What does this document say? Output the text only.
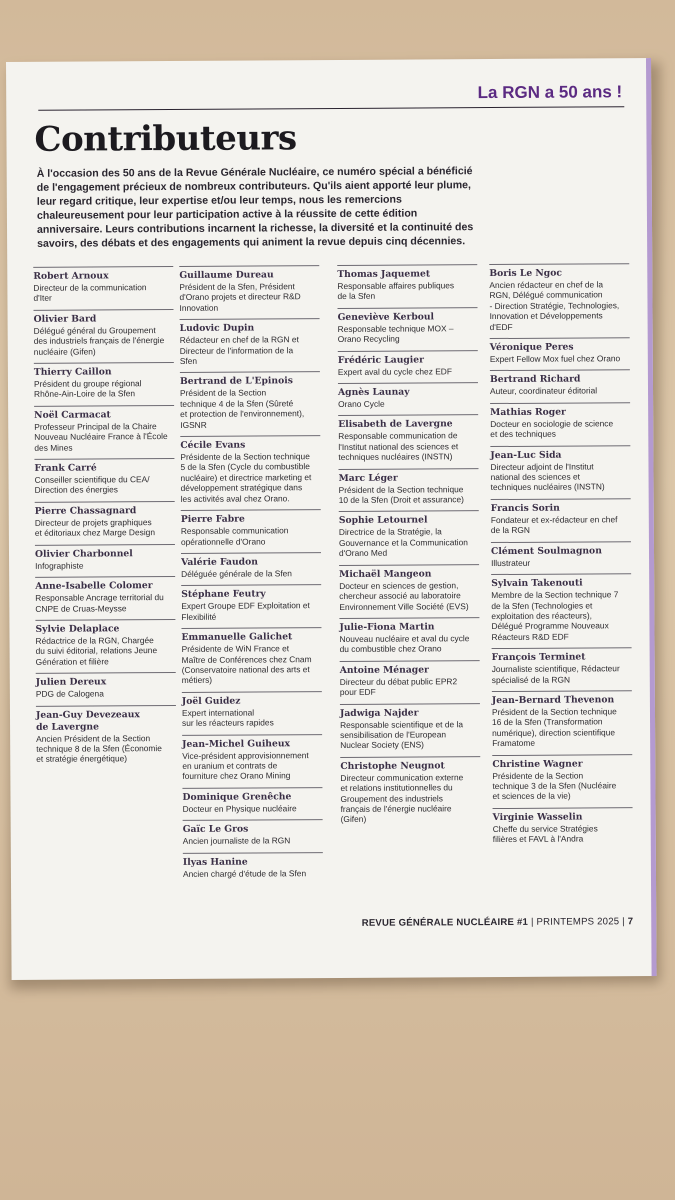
La RGN a 50 ans !
Contributeurs
À l'occasion des 50 ans de la Revue Générale Nucléaire, ce numéro spécial a bénéficié de l'engagement précieux de nombreux contributeurs. Qu'ils aient apporté leur plume, leur regard critique, leur expertise et/ou leur temps, nous les remercions chaleureusement pour leur participation active à la réussite de cette édition anniversaire. Leurs contributions incarnent la richesse, la diversité et la continuité des savoirs, des débats et des engagements qui animent la revue depuis cinq décennies.
Robert Arnoux
Directeur de la communication
d'Iter
Olivier Bard
Délégué général du Groupement
des industriels français de l'énergie
nucléaire (Gifen)
Thierry Caillon
Président du groupe régional
Rhône-Ain-Loire de la Sfen
Noël Carmacat
Professeur Principal de la Chaire
Nouveau Nucléaire France à l'École
des Mines
Frank Carré
Conseiller scientifique du CEA/
Direction des énergies
Pierre Chassagnard
Directeur de projets graphiques
et éditoriaux chez Marge Design
Olivier Charbonnel
Infographiste
Anne-Isabelle Colomer
Responsable Ancrage territorial du
CNPE de Cruas-Meysse
Sylvie Delaplace
Rédactrice de la RGN, Chargée
du suivi éditorial, relations Jeune
Génération et filière
Julien Dereux
PDG de Calogena
Jean-Guy Devezeaux
de Lavergne
Ancien Président de la Section
technique 8 de la Sfen (Économie
et stratégie énergétique)
Guillaume Dureau
Président de la Sfen, Président
d'Orano projets et directeur R&D
Innovation
Ludovic Dupin
Rédacteur en chef de la RGN et
Directeur de l'information de la
Sfen
Bertrand de L'Epinois
Président de la Section
technique 4 de la Sfen (Sûreté
et protection de l'environnement),
IGSNR
Cécile Evans
Présidente de la Section technique
5 de la Sfen (Cycle du combustible
nucléaire) et directrice marketing et
développement stratégique dans
les activités aval chez Orano.
Pierre Fabre
Responsable communication
opérationnelle d'Orano
Valérie Faudon
Déléguée générale de la Sfen
Stéphane Feutry
Expert Groupe EDF Exploitation et
Flexibilité
Emmanuelle Galichet
Présidente de WiN France et
Maître de Conférences chez Cnam
(Conservatoire national des arts et
métiers)
Joël Guidez
Expert international
sur les réacteurs rapides
Jean-Michel Guiheux
Vice-président approvisionnement
en uranium et contrats de
fourniture chez Orano Mining
Dominique Grenêche
Docteur en Physique nucléaire
Gaïc Le Gros
Ancien journaliste de la RGN
Ilyas Hanine
Ancien chargé d'étude de la Sfen
Thomas Jaquemet
Responsable affaires publiques
de la Sfen
Geneviève Kerboul
Responsable technique MOX –
Orano Recycling
Frédéric Laugier
Expert aval du cycle chez EDF
Agnès Launay
Orano Cycle
Elisabeth de Lavergne
Responsable communication de
l'Institut national des sciences et
techniques nucléaires (INSTN)
Marc Léger
Président de la Section technique
10 de la Sfen (Droit et assurance)
Sophie Letournel
Directrice de la Stratégie, la
Gouvernance et la Communication
d'Orano Med
Michaël Mangeon
Docteur en sciences de gestion,
chercheur associé au laboratoire
Environnement Ville Société (EVS)
Julie-Fiona Martin
Nouveau nucléaire et aval du cycle
du combustible chez Orano
Antoine Ménager
Directeur du débat public EPR2
pour EDF
Jadwiga Najder
Responsable scientifique et de la
sensibilisation de l'European
Nuclear Society (ENS)
Christophe Neugnot
Directeur communication externe
et relations institutionnelles du
Groupement des industriels
français de l'énergie nucléaire
(Gifen)
Boris Le Ngoc
Ancien rédacteur en chef de la
RGN, Délégué communication
- Direction Stratégie, Technologies,
Innovation et Développements
d'EDF
Véronique Peres
Expert Fellow Mox fuel chez Orano
Bertrand Richard
Auteur, coordinateur éditorial
Mathias Roger
Docteur en sociologie de science
et des techniques
Jean-Luc Sida
Directeur adjoint de l'Institut
national des sciences et
techniques nucléaires (INSTN)
Francis Sorin
Fondateur et ex-rédacteur en chef
de la RGN
Clément Soulmagnon
Illustrateur
Sylvain Takenouti
Membre de la Section technique 7
de la Sfen (Technologies et
exploitation des réacteurs),
Délégué Programme Nouveaux
Réacteurs R&D EDF
François Terminet
Journaliste scientifique, Rédacteur
spécialisé de la RGN
Jean-Bernard Thevenon
Président de la Section technique
16 de la Sfen (Transformation
numérique), direction scientifique
Framatome
Christine Wagner
Présidente de la Section
technique 3 de la Sfen (Nucléaire
et sciences de la vie)
Virginie Wasselin
Cheffe du service Stratégies
filières et FAVL à l'Andra
REVUE GÉNÉRALE NUCLÉAIRE #1 | PRINTEMPS 2025 | 7
